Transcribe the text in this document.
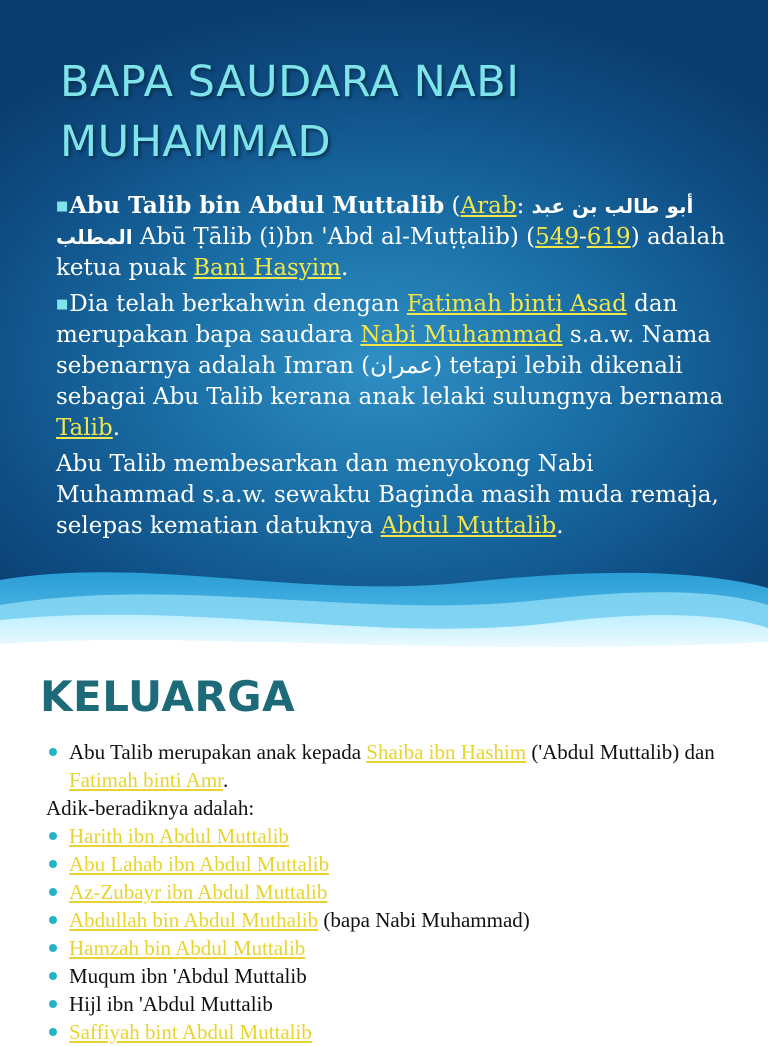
BAPA SAUDARA NABI MUHAMMAD

■Abu Talib bin Abdul Muttalib (Arab: أبو طالب بن عبد المطلب Abū Ṭālib (i)bn 'Abd al-Muṭṭalib) (549-619) adalah ketua puak Bani Hasyim.

■Dia telah berkahwin dengan Fatimah binti Asad dan merupakan bapa saudara Nabi Muhammad s.a.w. Nama sebenarnya adalah Imran (عمران) tetapi lebih dikenali sebagai Abu Talib kerana anak lelaki sulungnya bernama Talib.

Abu Talib membesarkan dan menyokong Nabi Muhammad s.a.w. sewaktu Baginda masih muda remaja, selepas kematian datuknya Abdul Muttalib.

KELUARGA
Abu Talib merupakan anak kepada Shaiba ibn Hashim ('Abdul Muttalib) dan Fatimah binti Amr.

Adik-beradiknya adalah:

Harith ibn Abdul Muttalib
Abu Lahab ibn Abdul Muttalib
Az-Zubayr ibn Abdul Muttalib
Abdullah bin Abdul Muthalib (bapa Nabi Muhammad)
Hamzah bin Abdul Muttalib
Muqum ibn 'Abdul Muttalib
Hijl ibn 'Abdul Muttalib
Saffiyah bint Abdul Muttalib
